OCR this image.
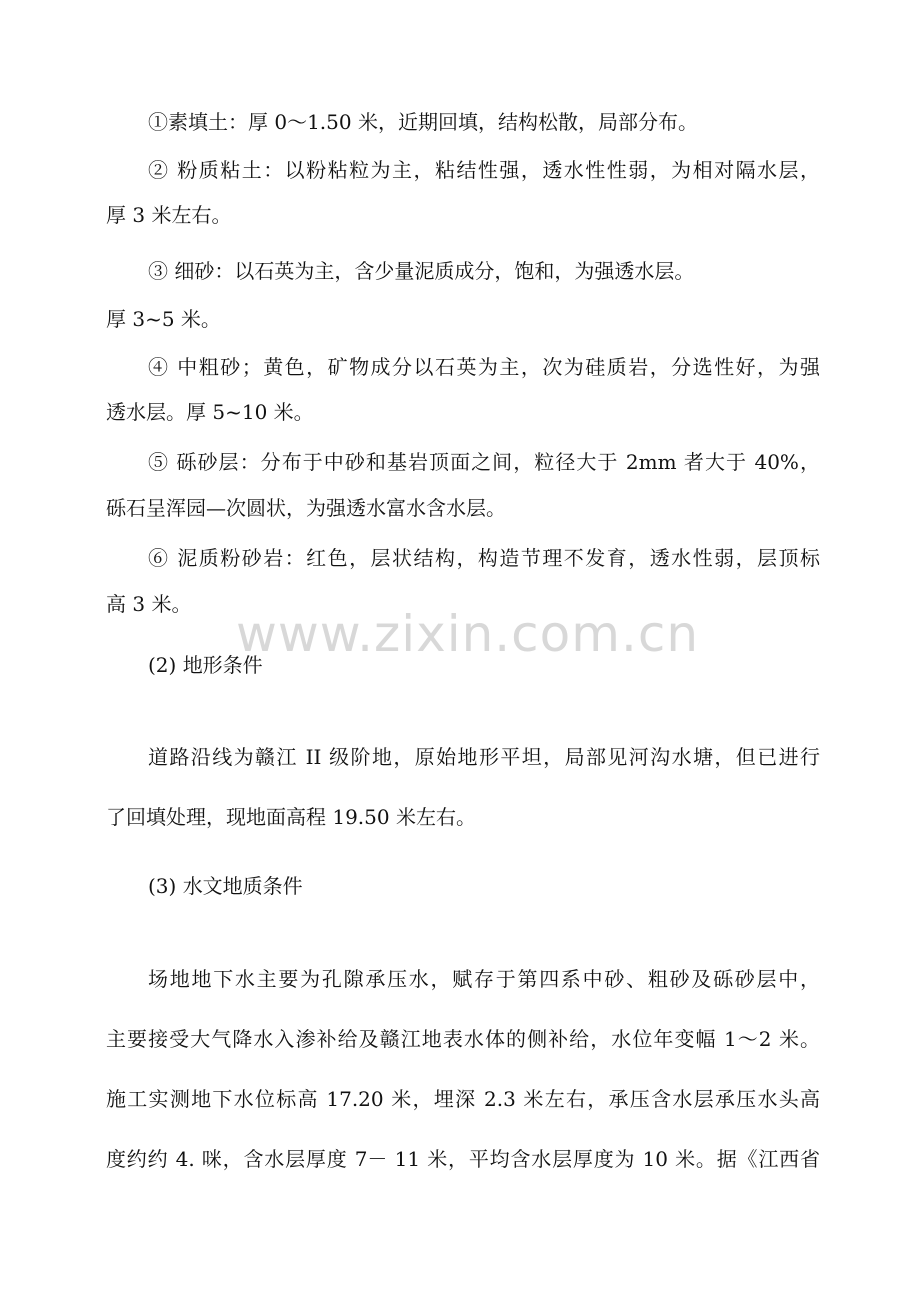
www.zixin.com.cn
①素填土：厚 0～1.50 米，近期回填，结构松散，局部分布。
② 粉质粘土：以粉粘粒为主，粘结性强，透水性性弱，为相对隔水层，
厚 3 米左右。
③ 细砂：以石英为主，含少量泥质成分，饱和，为强透水层。
厚 3~5 米。
④ 中粗砂；黄色，矿物成分以石英为主，次为硅质岩，分选性好，为强
透水层。厚 5~10 米。
⑤ 砾砂层：分布于中砂和基岩顶面之间，粒径大于 2mm 者大于 40%，
砾石呈浑园—次圆状，为强透水富水含水层。
⑥ 泥质粉砂岩：红色，层状结构，构造节理不发育，透水性弱，层顶标
高 3 米。
(2) 地形条件
道路沿线为赣江 II 级阶地，原始地形平坦，局部见河沟水塘，但已进行
了回填处理，现地面高程 19.50 米左右。
(3) 水文地质条件
场地地下水主要为孔隙承压水，赋存于第四系中砂、粗砂及砾砂层中，
主要接受大气降水入渗补给及赣江地表水体的侧补给，水位年变幅 1～2 米。
施工实测地下水位标高 17.20 米，埋深 2.3 米左右，承压含水层承压水头高
度约约 4. 咪，含水层厚度 7－ 11 米，平均含水层厚度为 10 米。据《江西省
